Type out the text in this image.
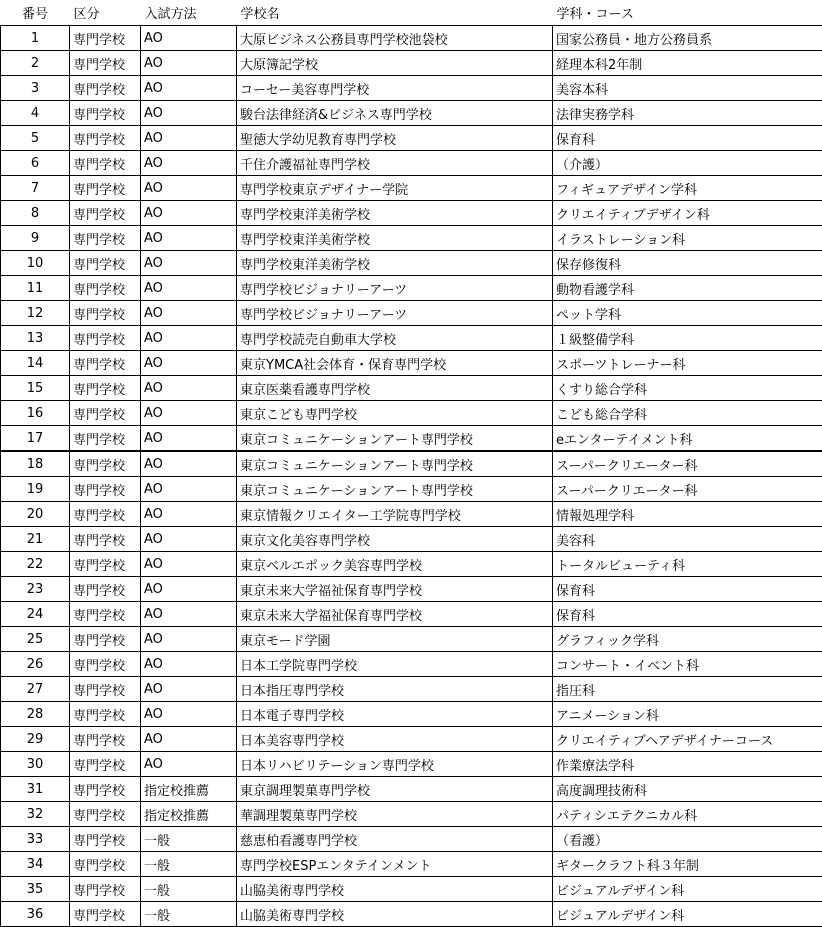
番号	区分	入試方法	学校名	学科・コース
1	専門学校	AO	大原ビジネス公務員専門学校池袋校	国家公務員・地方公務員系
2	専門学校	AO	大原簿記学校	経理本科2年制
3	専門学校	AO	コーセー美容専門学校	美容本科
4	専門学校	AO	駿台法律経済&ビジネス専門学校	法律実務学科
5	専門学校	AO	聖徳大学幼児教育専門学校	保育科
6	専門学校	AO	千住介護福祉専門学校	（介護）
7	専門学校	AO	専門学校東京デザイナー学院	フィギュアデザイン学科
8	専門学校	AO	専門学校東洋美術学校	クリエイティブデザイン科
9	専門学校	AO	専門学校東洋美術学校	イラストレーション科
10	専門学校	AO	専門学校東洋美術学校	保存修復科
11	専門学校	AO	専門学校ビジョナリーアーツ	動物看護学科
12	専門学校	AO	専門学校ビジョナリーアーツ	ペット学科
13	専門学校	AO	専門学校読売自動車大学校	１級整備学科
14	専門学校	AO	東京YMCA社会体育・保育専門学校	スポーツトレーナー科
15	専門学校	AO	東京医薬看護専門学校	くすり総合学科
16	専門学校	AO	東京こども専門学校	こども総合学科
17	専門学校	AO	東京コミュニケーションアート専門学校	eエンターテイメント科
18	専門学校	AO	東京コミュニケーションアート専門学校	スーパークリエーター科
19	専門学校	AO	東京コミュニケーションアート専門学校	スーパークリエーター科
20	専門学校	AO	東京情報クリエイター工学院専門学校	情報処理学科
21	専門学校	AO	東京文化美容専門学校	美容科
22	専門学校	AO	東京ベルエポック美容専門学校	トータルビューティ科
23	専門学校	AO	東京未来大学福祉保育専門学校	保育科
24	専門学校	AO	東京未来大学福祉保育専門学校	保育科
25	専門学校	AO	東京モード学園	グラフィック学科
26	専門学校	AO	日本工学院専門学校	コンサート・イベント科
27	専門学校	AO	日本指圧専門学校	指圧科
28	専門学校	AO	日本電子専門学校	アニメーション科
29	専門学校	AO	日本美容専門学校	クリエイティブヘアデザイナーコース
30	専門学校	AO	日本リハビリテーション専門学校	作業療法学科
31	専門学校	指定校推薦	東京調理製菓専門学校	高度調理技術科
32	専門学校	指定校推薦	華調理製菓専門学校	パティシエテクニカル科
33	専門学校	一般	慈恵柏看護専門学校	（看護）
34	専門学校	一般	専門学校ESPエンタテインメント	ギタークラフト科３年制
35	専門学校	一般	山脇美術専門学校	ビジュアルデザイン科
36	専門学校	一般	山脇美術専門学校	ビジュアルデザイン科
